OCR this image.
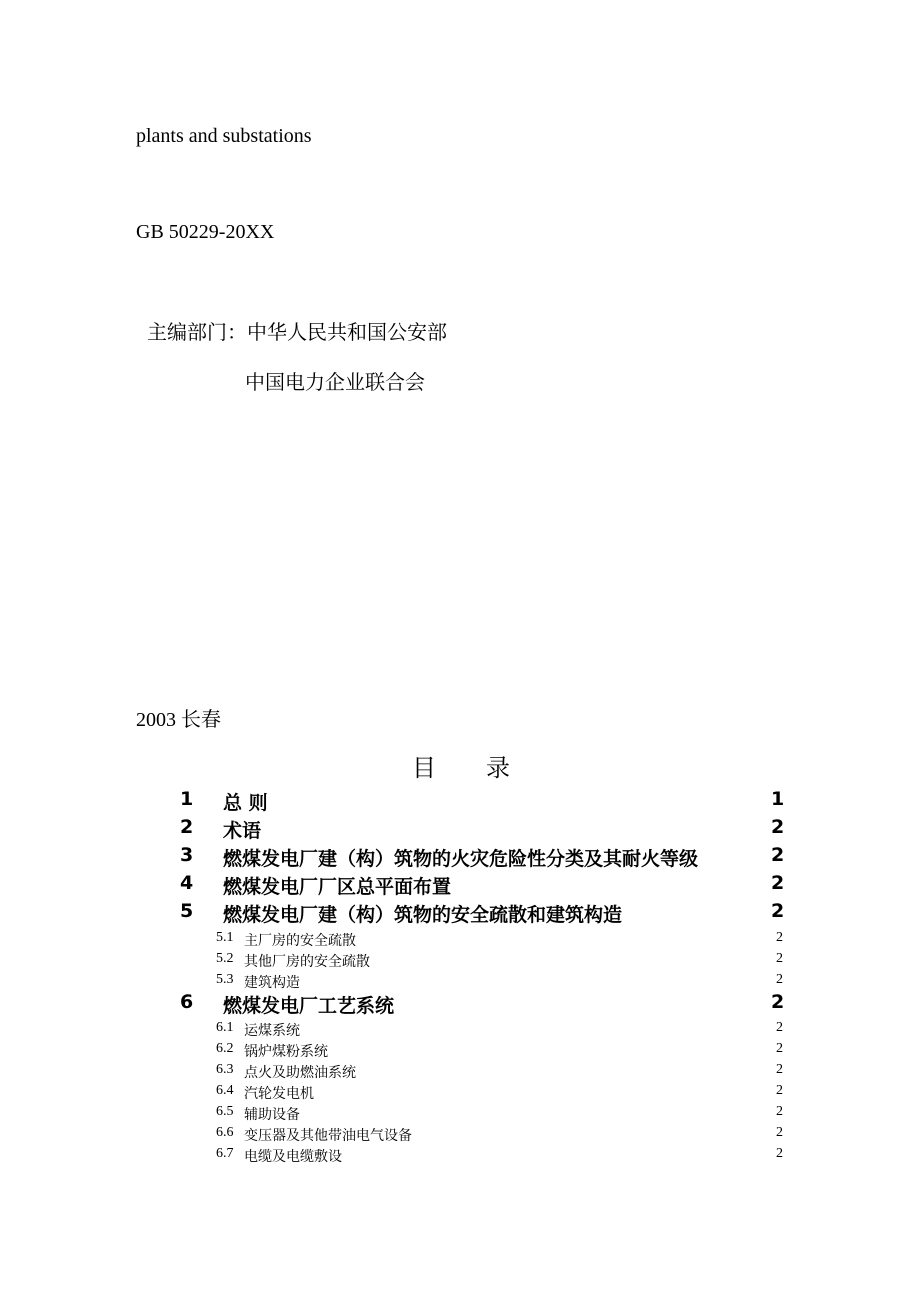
plants and substations
GB 50229-20XX
主编部门：中华人民共和国公安部
中国电力企业联合会
2003 长春
目 录
1 总 则	1
2 术语	2
3 燃煤发电厂建（构）筑物的火灾危险性分类及其耐火等级	2
4 燃煤发电厂厂区总平面布置	2
5 燃煤发电厂建（构）筑物的安全疏散和建筑构造	2
5.1 主厂房的安全疏散	2
5.2 其他厂房的安全疏散	2
5.3 建筑构造	2
6 燃煤发电厂工艺系统	2
6.1 运煤系统	2
6.2 锅炉煤粉系统	2
6.3 点火及助燃油系统	2
6.4 汽轮发电机	2
6.5 辅助设备	2
6.6 变压器及其他带油电气设备	2
6.7 电缆及电缆敷设	2
